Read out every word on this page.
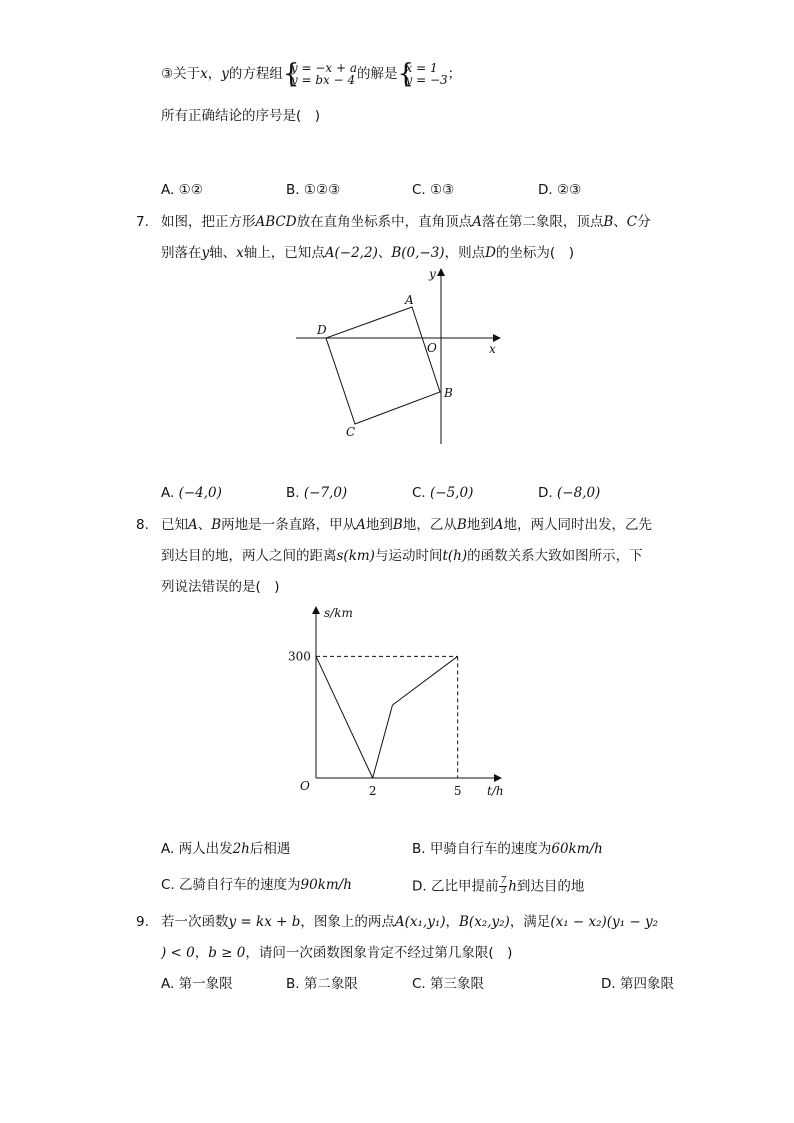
③关于x，y的方程组 {
y = −x + a
y = bx − 4 的解是 {
x = 1
y = −3 ；
所有正确结论的序号是(　)
A. ①②	B. ①②③	C. ①③	D. ②③
7. 如图，把正方形ABCD放在直角坐标系中，直角顶点A落在第二象限，顶点B、C分
别落在y轴、x轴上，已知点A(−2,2)、B(0,−3)，则点D的坐标为(　)
A
B
C
D
O	x
y
A. (−4,0)	B. (−7,0)	C. (−5,0)	D. (−8,0)
8. 已知A、B两地是一条直路，甲从A地到B地，乙从B地到A地，两人同时出发，乙先
到达目的地，两人之间的距离s(km)与运动时间t(h)的函数关系大致如图所示，下
列说法错误的是(　)
s/km
t/h
O
300
2	5
A. 两人出发2h后相遇	B. 甲骑自行车的速度为60km/h
C. 乙骑自行车的速度为90km/h	D. 乙比甲提前 $\frac{7}{3}$ h到达目的地
9. 若一次函数y = kx + b，图象上的两点A(x₁,y₁)，B(x₂,y₂)，满足(x₁ − x₂)(y₁ − y₂
) < 0，b ≥ 0，请问一次函数图象肯定不经过第几象限(　)
A. 第一象限	B. 第二象限	C. 第三象限	D. 第四象限
